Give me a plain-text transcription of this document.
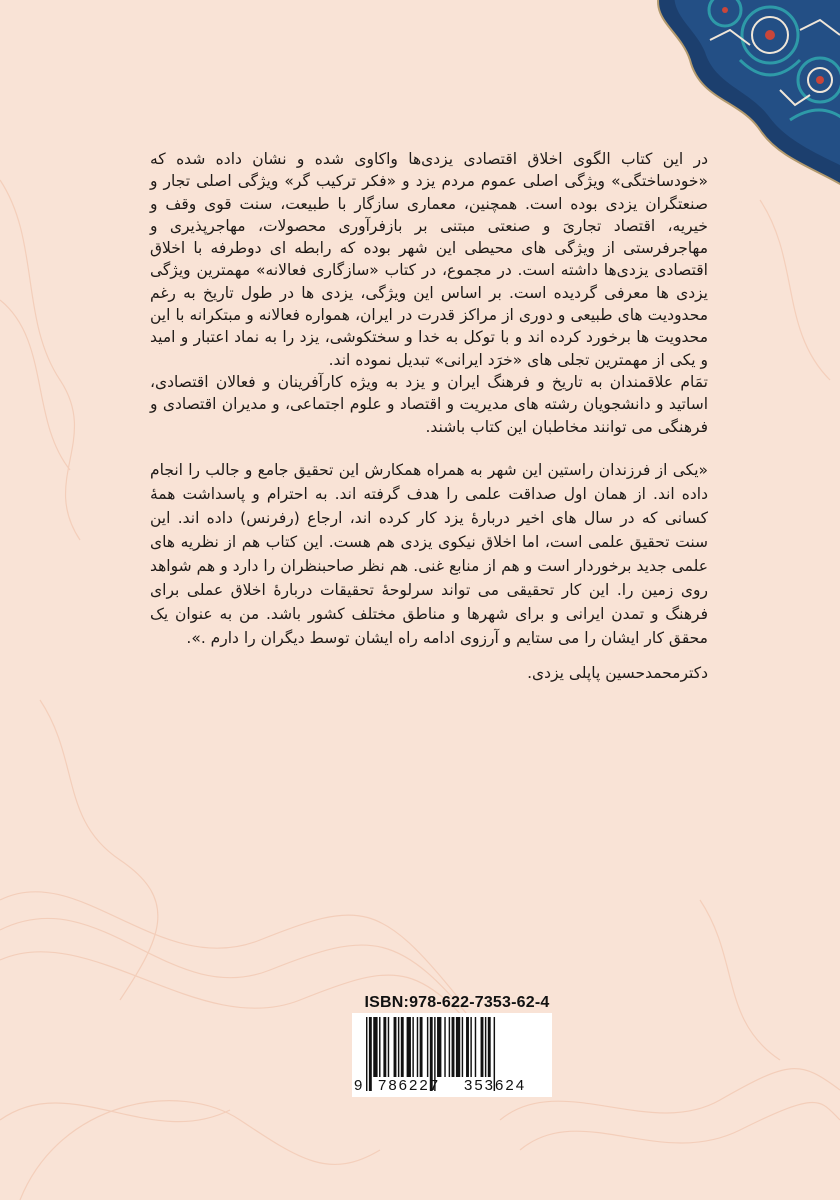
در این کتاب الگوی اخلاق اقتصادی یزدی‌ها واکاوی شده و نشان داده شده که «خودساختگی» ویژگی اصلی عموم مردم یزد و «فکر ترکیب گر» ویژگی اصلی تجار و صنعتگران یزدی بوده است. همچنین، معماری سازگار با طبیعت، سنت قوی وقف و خیریه، اقتصاد تجاریَ و صنعتی مبتنی بر بازفرآوری محصولات، مهاجرپذیری و مهاجرفرستی از ویژگی های محیطی این شهر بوده که رابطه ای دوطرفه با اخلاق اقتصادی یزدی‌ها داشته است. در مجموع، در کتاب «سازگاری فعالانه» مهمترین ویژگی یزدی ها معرفی گردیده است. بر اساس این ویژگی، یزدی ها در طول تاریخ به رغم محدودیت های طبیعی و دوری از مراکز قدرت در ایران، همواره فعالانه و مبتکرانه با این محدویت ها برخورد کرده اند و با توکل به خدا و سختکوشی، یزد را به نماد اعتبار و امید و یکی از مهمترین تجلی های «خرَد ایرانی» تبدیل نموده اند.

تمَام علاقمندان به تاریخ و فرهنگ ایران و یزد به ویژه کارآفرینان و فعالان اقتصادی، اساتید و دانشجویان رشته های مدیریت و اقتصاد و علوم اجتماعی، و مدیران اقتصادی و فرهنگی می توانند مخاطبان این کتاب باشند.

«یکی از فرزندان راستین این شهر به همراه همکارش این تحقیق جامع و جالب را انجام داده اند. از همان اول صداقت علمی را هدف گرفته اند. به احترام و پاسداشت همهٔ کسانی که در سال های اخیر دربارهٔ یزد کار کرده اند، ارجاع (رفرنس) داده اند. این سنت تحقیق علمی است، اما اخلاق نیکوی یزدی هم هست. این کتاب هم از نظریه های علمی جدید برخوردار است و هم از منابع غنی. هم نظر صاحبنظران را دارد و هم شواهد روی زمین را. این کار تحقیقی می تواند سرلوحهٔ تحقیقات دربارهٔ اخلاق عملی برای فرهنگ و تمدن ایرانی و برای شهرها و مناطق مختلف کشور باشد. من به عنوان یک محقق کار ایشان را می ستایم و آرزوی ادامه راه ایشان توسط دیگران را دارم .».

دکترمحمدحسین پاپلی یزدی.

ISBN:978-622-7353-62-4
9 786227 353624
